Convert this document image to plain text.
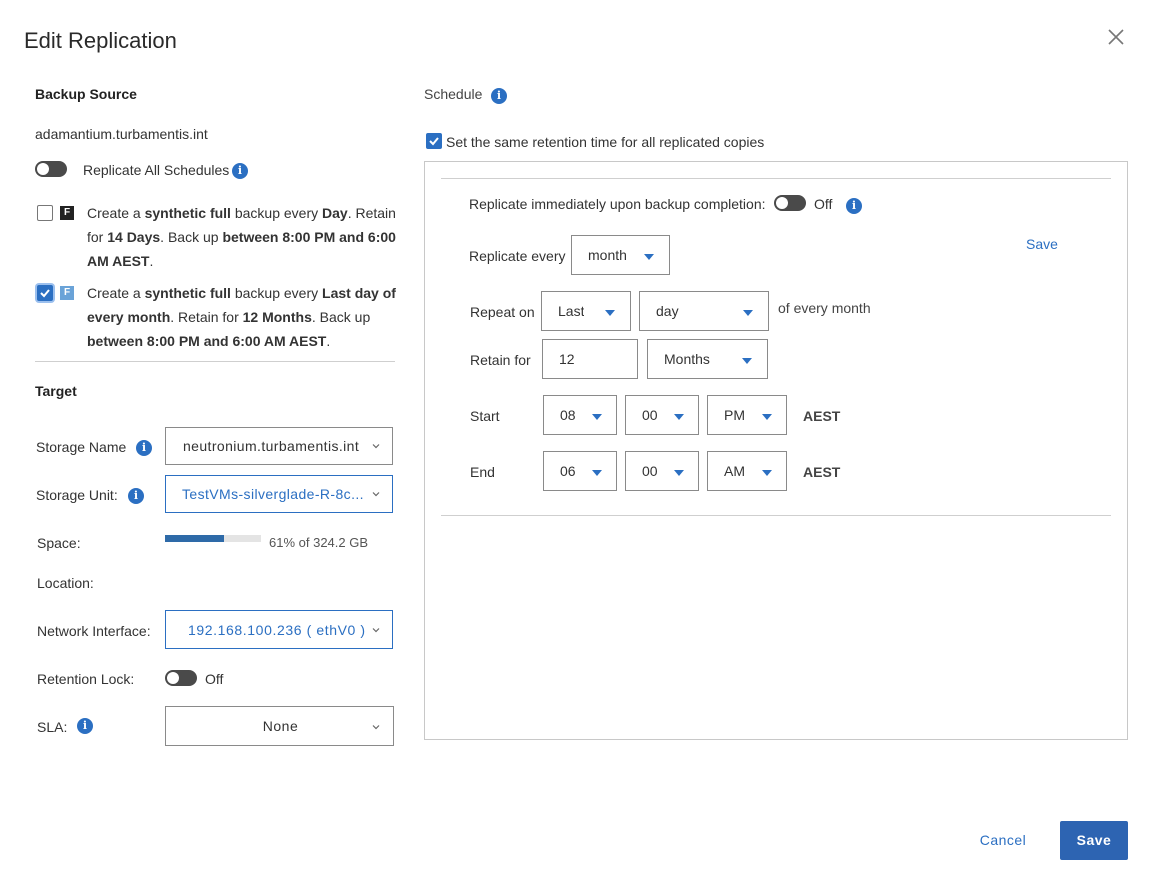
Edit Replication
Backup Source
adamantium.turbamentis.int
Replicate All Schedules i
F Create a synthetic full backup every Day. Retain
for 14 Days. Back up between 8:00 PM and 6:00
AM AEST.
F Create a synthetic full backup every Last day of
every month. Retain for 12 Months. Back up
between 8:00 PM and 6:00 AM AEST.
Target
Storage Name	i	neutronium.turbamentis.int
Storage Unit:	i	TestVMs-silverglade-R-8c...
Space:	61% of 324.2 GB
Location:
Network Interface:	192.168.100.236 ( ethV0 )
Retention Lock:	Off
SLA:	i	None
Schedule	i
Set the same retention time for all replicated copies
Replicate immediately upon backup completion:	Off	i
Replicate every month
Save
Repeat on Last	day	of every month
Retain for 12	Months
Start	08	00	PM	AEST
End	06	00	AM	AEST
Cancel	Save
